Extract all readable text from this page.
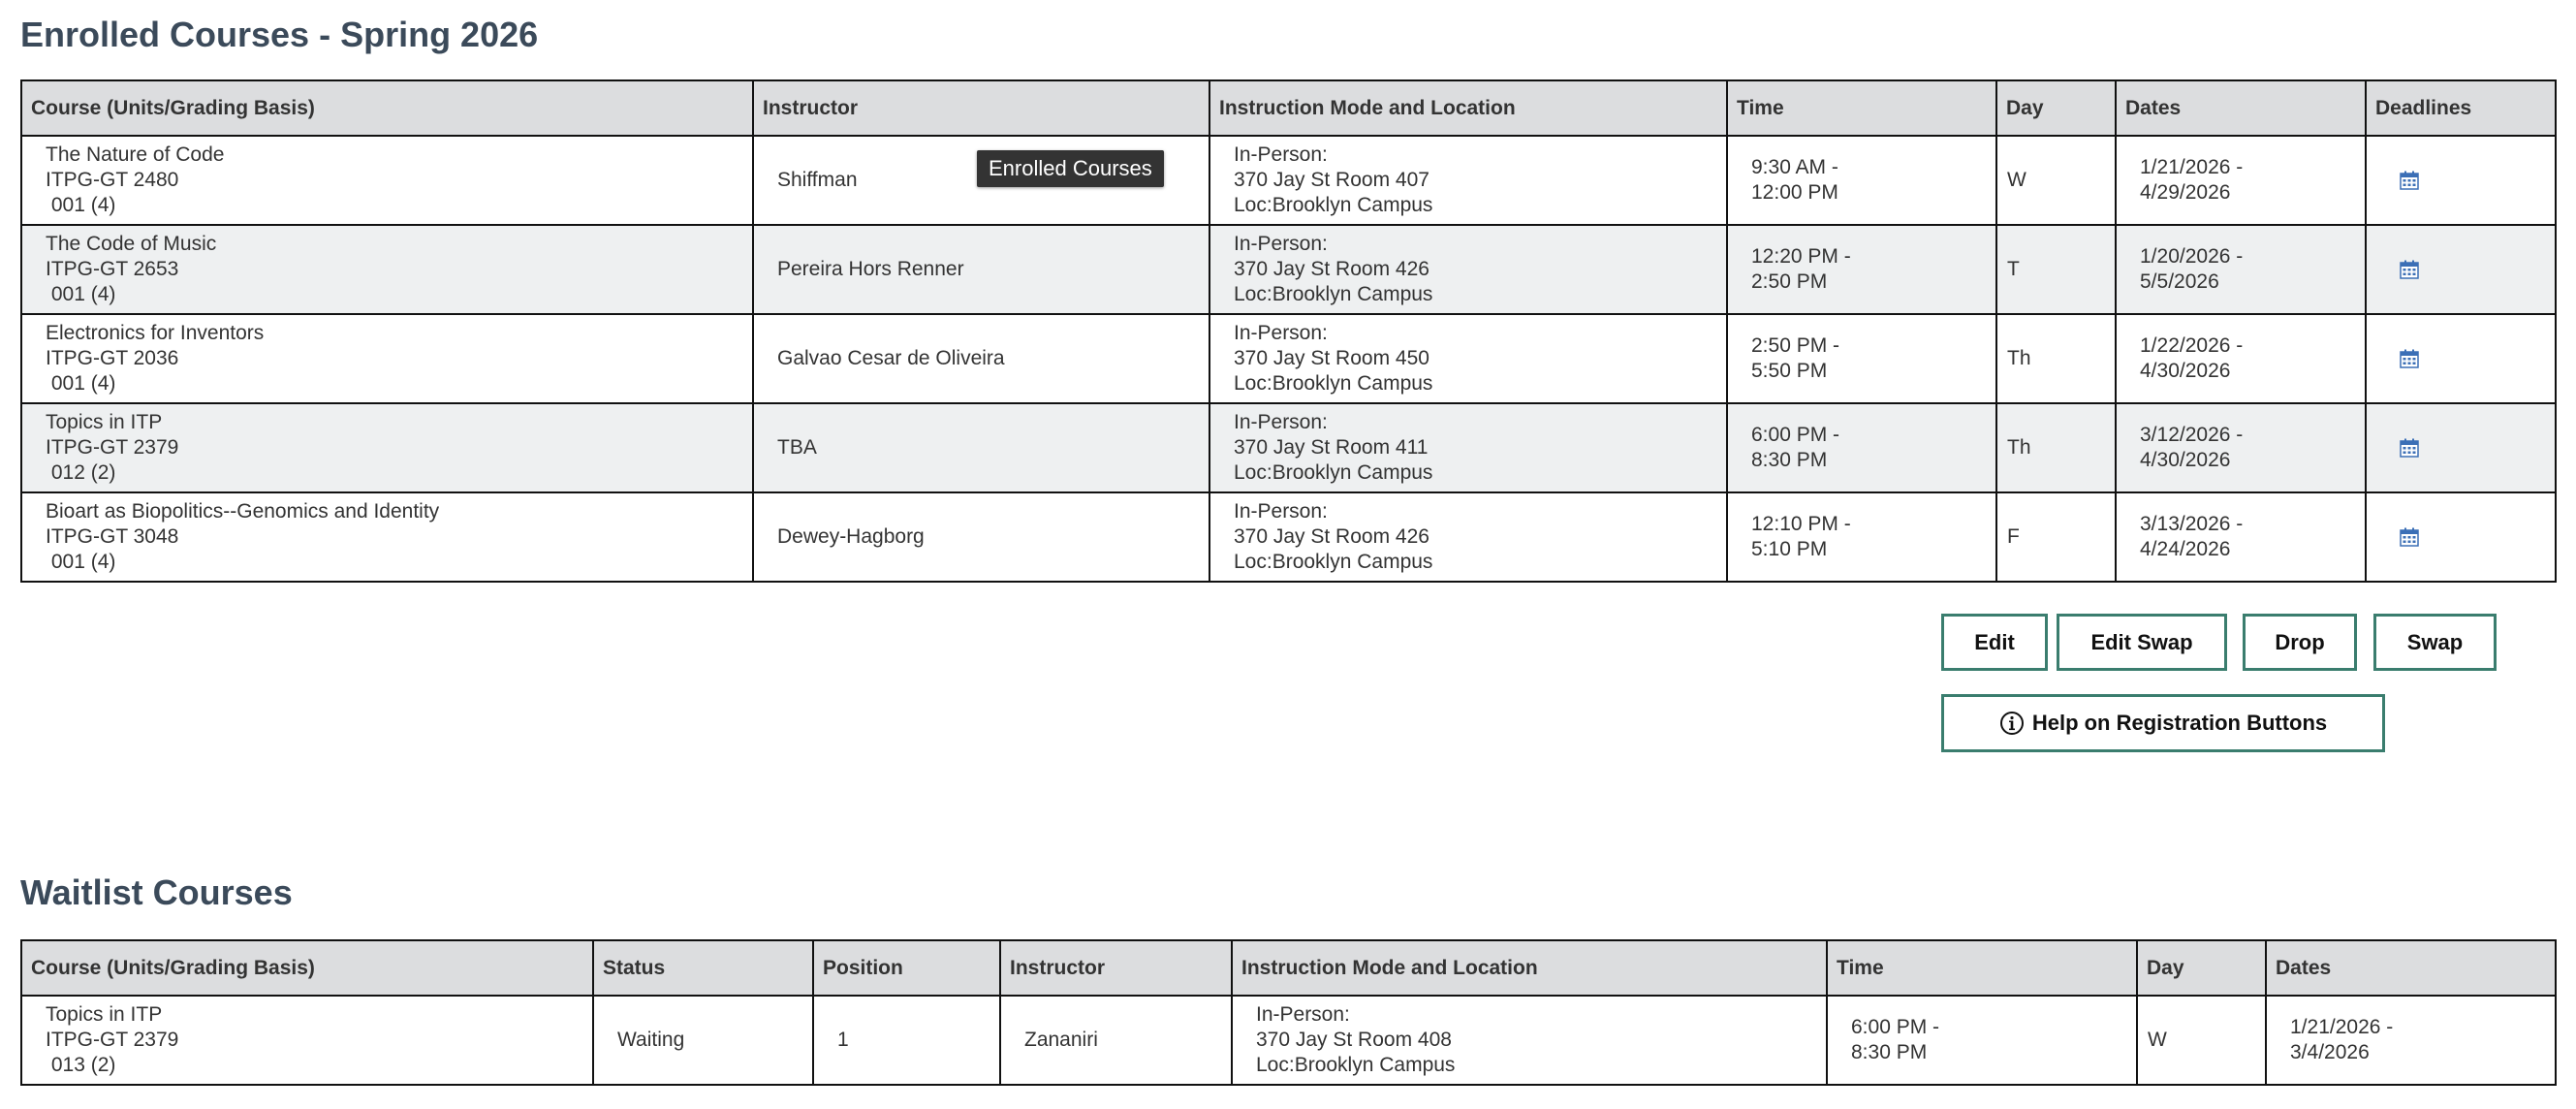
Enrolled Courses - Spring 2026
Course (Units/Grading Basis)	Instructor	Instruction Mode and Location	Time	Day	Dates	Deadlines

The Nature of Code
ITPG-GT 2480
001 (4)	Shiffman	In-Person:
370 Jay St Room 407
Loc:Brooklyn Campus	9:30 AM -
12:00 PM	W	1/21/2026 -
4/29/2026

The Code of Music
ITPG-GT 2653
001 (4)	Pereira Hors Renner	In-Person:
370 Jay St Room 426
Loc:Brooklyn Campus	12:20 PM -
2:50 PM	T	1/20/2026 -
5/5/2026

Electronics for Inventors
ITPG-GT 2036
001 (4)	Galvao Cesar de Oliveira	In-Person:
370 Jay St Room 450
Loc:Brooklyn Campus	2:50 PM -
5:50 PM	Th	1/22/2026 -
4/30/2026

Topics in ITP
ITPG-GT 2379
012 (2)	TBA	In-Person:
370 Jay St Room 411
Loc:Brooklyn Campus	6:00 PM -
8:30 PM	Th	3/12/2026 -
4/30/2026

Bioart as Biopolitics--Genomics and Identity
ITPG-GT 3048
001 (4)	Dewey-Hagborg	In-Person:
370 Jay St Room 426
Loc:Brooklyn Campus	12:10 PM -
5:10 PM	F	3/13/2026 -
4/24/2026

Enrolled Courses
Edit	Edit Swap	Drop	Swap
Help on Registration Buttons
Waitlist Courses
Course (Units/Grading Basis)	Status	Position	Instructor	Instruction Mode and Location	Time	Day	Dates

Topics in ITP
ITPG-GT 2379
013 (2)	Waiting	1	Zananiri	In-Person:
370 Jay St Room 408
Loc:Brooklyn Campus	6:00 PM -
8:30 PM	W	1/21/2026 -
3/4/2026
